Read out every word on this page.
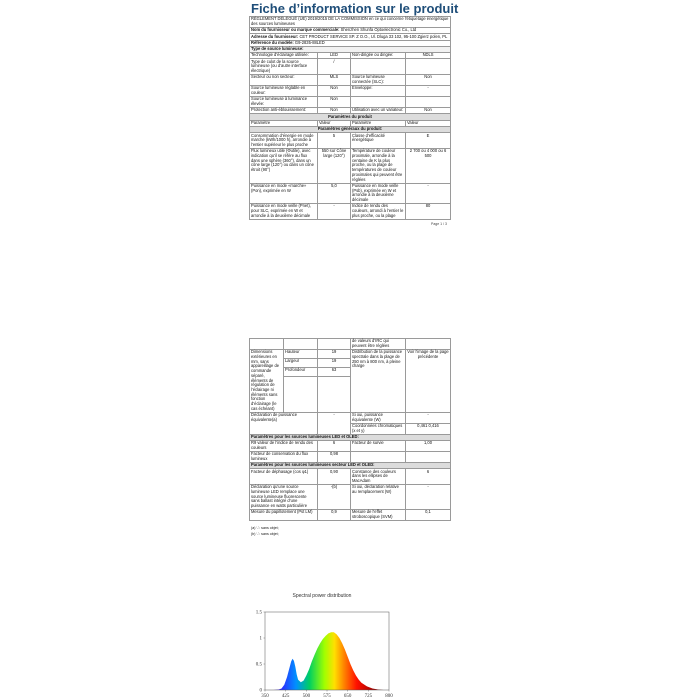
Fiche d’information sur le produit
RÈGLEMENT DÉLÉGUÉ (UE) 2019/2015 DE LA COMMISSION en ce qui concerne l’étiquetage énergétique des sources lumineuses			
Nom du fournisseur ou marque commerciale: Shenzhen Shunfa Optoelectronic Co., Ltd			
Adresse du fournisseur: CET PRODUCT SERVICE SP. Z O.O., Ul. Dluga 33 102, 95-100 Zgierz polen, PL			
Référence du modèle: G9-2835-88LED			
Type de source lumineuse:			
Technologie d’éclairage utilisée:	LED	Non-dirigée ou dirigée:	NDLS
Type de culot de la source lumineuse (ou d’autre interface électrique)	/		
Secteur ou non secteur:	MLS	Source lumineuse connectée (SLC):	Non
Source lumineuse réglable en couleur:	Non	Enveloppe:	-
Source lumineuse à luminance élevée:	Non		
Protection anti-éblouissement:	Non	Utilisation avec un variateur:	Non
Paramètres du produit			
Paramètre	Valeur	Paramètre	Valeur
Paramètres généraux du produit:			
Consommation d’énergie en mode marche (kWh/1000 h), arrondie à l’entier supérieur le plus proche	5	Classe d’efficacité énergétique	E
Flux lumineux utile (Φutile), avec indication qu’il se réfère au flux dans une sphère (360°), dans un cône large (120°) ou dans un cône étroit (90°)	550 sur Cône large (120°)	Température de couleur proximale, arrondie à la centaine de K la plus proche, ou la plage de températures de couleur proximales qui peuvent être réglées	2 700 ou 4 000 ou 6 500
Puissance en mode «marche» (Pon), exprimée en W	5,0	Puissance en mode veille (Psb), exprimée en W et arrondie à la deuxième décimale	-
Puissance en mode veille (Pnet), pour SLC, exprimée en W et arrondie à la deuxième décimale	-	Indice de rendu des couleurs, arrondi à l’entier le plus proche, ou la plage	80
Page 1 / 3
			de valeurs d’IRC qui peuvent être réglées	
Dimensions extérieures en mm, sans appareillage de commande séparé, éléments de régulation de l’éclairage ni éléments sans fonction d’éclairage (le cas échéant)	Hauteur	19	Distribution de la puissance spectrale dans la plage de 250 nm à 800 nm, à pleine charge	Voir l’image de la page précédente
	Largeur	19		
	Profondeur	63		

Déclaration de puissance équivalente(a)		-	Si oui, puissance équivalente (W)	-
			Coordonnées chromatiques (x et y)	0,461 0,416
Paramètres pour les sources lumineuses LED et OLED:				
R9 valeur de l’indice de rendu des couleurs		6	Facteur de survie	1,00
Facteur de conservation du flux lumineux		0,98		
Paramètres pour les sources lumineuses secteur LED et OLED:				
Facteur de déphasage (cos φ1)		0,90	Constance des couleurs dans les ellipses de MacAdam	6
Déclaration qu’une source lumineuse LED remplace une source lumineuse fluorescente sans ballast intégré d’une puissance en watts particulière		-(b)	Si oui, déclaration relative au remplacement (W)	-
Mesure du papillotement (Pst LM)		0,9	Mesure de l’effet stroboscopique (SVM)	0,1
(a) ‘-’: sans objet;
(b) ‘-’: sans objet;
Spectral power distribution
350	425	500	575	650	725	800
0
0.5
1
1.5
